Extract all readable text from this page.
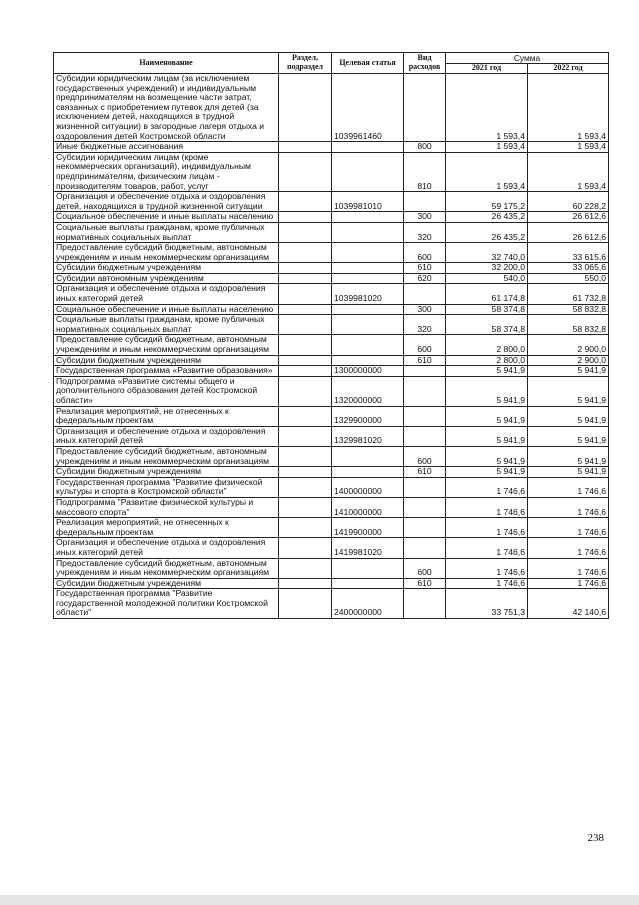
Наименование	Раздел, подраздел	Целевая статья	Вид расходов	Сумма	
				2021 год	2022 год
Субсидии юридическим лицам (за исключением государственных учреждений) и индивидуальным предпринимателям на возмещение части затрат, связанных с приобретением путевок для детей (за исключением детей, находящихся в трудной жизненной ситуации) в загородные лагеря отдыха и оздоровления детей Костромской области		1039961460		1 593,4	1 593,4
Иные бюджетные ассигнования			800	1 593,4	1 593,4
Субсидии юридическим лицам (кроме некоммерческих организаций), индивидуальным предпринимателям, физическим лицам - производителям товаров, работ, услуг			810	1 593,4	1 593,4
Организация и обеспечение отдыха и оздоровления детей, находящихся в трудной жизненной ситуации		1039981010		59 175,2	60 228,2
Социальное обеспечение и иные выплаты населению			300	26 435,2	26 612,6
Социальные выплаты гражданам, кроме публичных нормативных социальных выплат			320	26 435,2	26 612,6
Предоставление субсидий бюджетным, автономным учреждениям и иным некоммерческим организациям			600	32 740,0	33 615,6
Субсидии бюджетным учреждениям			610	32 200,0	33 065,6
Субсидии автономным учреждениям			620	540,0	550,0
Организация и обеспечение отдыха и оздоровления иных категорий детей		1039981020		61 174,8	61 732,8
Социальное обеспечение и иные выплаты населению			300	58 374,8	58 832,8
Социальные выплаты гражданам, кроме публичных нормативных социальных выплат			320	58 374,8	58 832,8
Предоставление субсидий бюджетным, автономным учреждениям и иным некоммерческим организациям			600	2 800,0	2 900,0
Субсидии бюджетным учреждениям			610	2 800,0	2 900,0
Государственная программа «Развитие образования»		1300000000		5 941,9	5 941,9
Подпрограмма «Развитие системы общего и дополнительного образования детей Костромской области»		1320000000		5 941,9	5 941,9
Реализация мероприятий, не отнесенных к федеральным проектам		1329900000		5 941,9	5 941,9
Организация и обеспечение отдыха и оздоровления иных категорий детей		1329981020		5 941,9	5 941,9
Предоставление субсидий бюджетным, автономным учреждениям и иным некоммерческим организациям			600	5 941,9	5 941,9
Субсидии бюджетным учреждениям			610	5 941,9	5 941,9
Государственная программа "Развитие физической культуры и спорта в Костромской области"		1400000000		1 746,6	1 746,6
Подпрограмма "Развитие физической культуры и массового спорта"		1410000000		1 746,6	1 746,6
Реализация мероприятий, не отнесенных к федеральным проектам		1419900000		1 746,6	1 746,6
Организация и обеспечение отдыха и оздоровления иных категорий детей		1419981020		1 746,6	1 746,6
Предоставление субсидий бюджетным, автономным учреждениям и иным некоммерческим организациям			600	1 746,6	1 746,6
Субсидии бюджетным учреждениям			610	1 746,6	1 746,6
Государственная программа "Развитие государственной молодежной политики Костромской области"		2400000000		33 751,3	42 140,6
238
